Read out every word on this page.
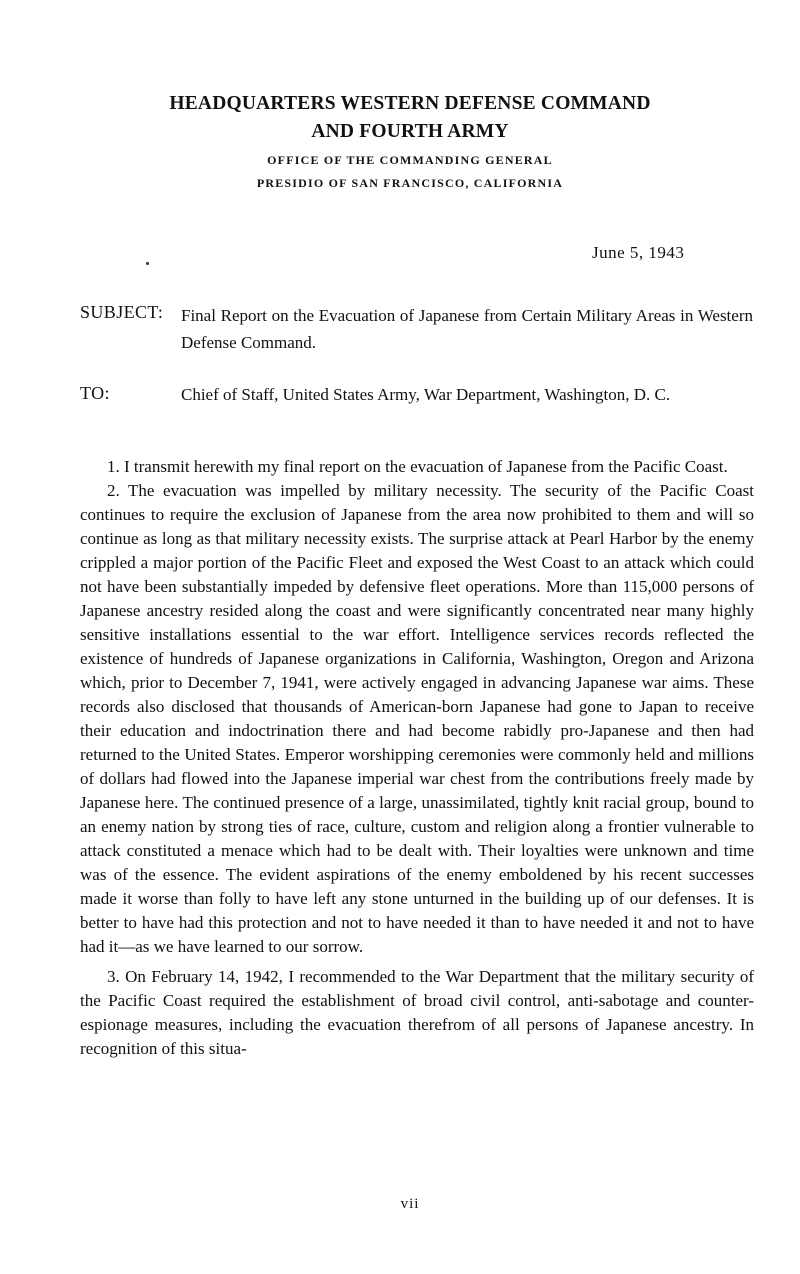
HEADQUARTERS WESTERN DEFENSE COMMAND
AND FOURTH ARMY
OFFICE OF THE COMMANDING GENERAL
PRESIDIO OF SAN FRANCISCO, CALIFORNIA
June 5, 1943
SUBJECT: Final Report on the Evacuation of Japanese from Certain Military Areas in Western Defense Command.
TO:	Chief of Staff, United States Army, War Department, Washington, D. C.

1. I transmit herewith my final report on the evacuation of Japanese from the Pacific Coast.

2. The evacuation was impelled by military necessity. The security of the Pacific Coast continues to require the exclusion of Japanese from the area now prohibited to them and will so continue as long as that military necessity exists. The surprise attack at Pearl Harbor by the enemy crippled a major portion of the Pacific Fleet and exposed the West Coast to an attack which could not have been substantially impeded by defensive fleet operations. More than 115,000 persons of Japanese ancestry resided along the coast and were significantly concentrated near many highly sensitive installations essential to the war effort. Intelligence services records reflected the existence of hundreds of Japanese organizations in California, Washington, Oregon and Arizona which, prior to December 7, 1941, were actively engaged in advancing Japanese war aims. These records also disclosed that thousands of American-born Japanese had gone to Japan to receive their education and indoctrination there and had become rabidly pro-Japanese and then had returned to the United States. Emperor worshipping ceremonies were commonly held and millions of dollars had flowed into the Japanese imperial war chest from the contributions freely made by Japanese here. The continued presence of a large, unassimilated, tightly knit racial group, bound to an enemy nation by strong ties of race, culture, custom and religion along a frontier vulnerable to attack constituted a menace which had to be dealt with. Their loyalties were unknown and time was of the essence. The evident aspirations of the enemy emboldened by his recent successes made it worse than folly to have left any stone unturned in the building up of our defenses. It is better to have had this protection and not to have needed it than to have needed it and not to have had it—as we have learned to our sorrow.

3. On February 14, 1942, I recommended to the War Department that the military security of the Pacific Coast required the establishment of broad civil control, anti-sabotage and counter-espionage measures, including the evacuation therefrom of all persons of Japanese ancestry. In recognition of this situa-

vii
